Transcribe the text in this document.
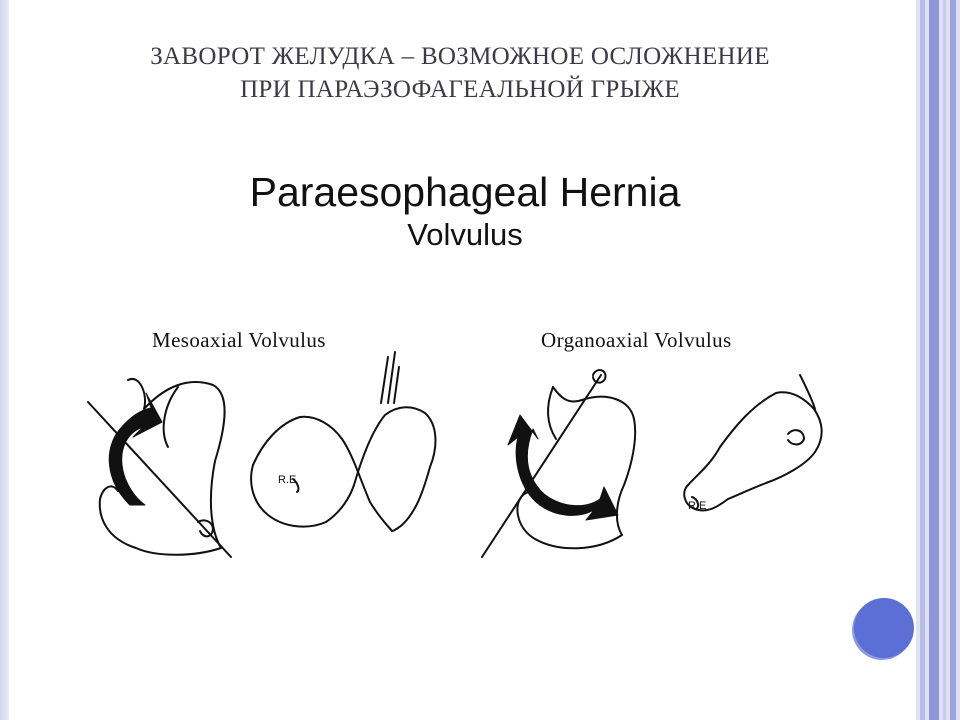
ЗАВОРОТ ЖЕЛУДКА – ВОЗМОЖНОЕ ОСЛОЖНЕНИЕ
ПРИ ПАРАЭЗОФАГЕАЛЬНОЙ ГРЫЖЕ
Paraesophageal Hernia
Volvulus
Mesoaxial Volvulus	Organoaxial Volvulus
R.E
R.E
